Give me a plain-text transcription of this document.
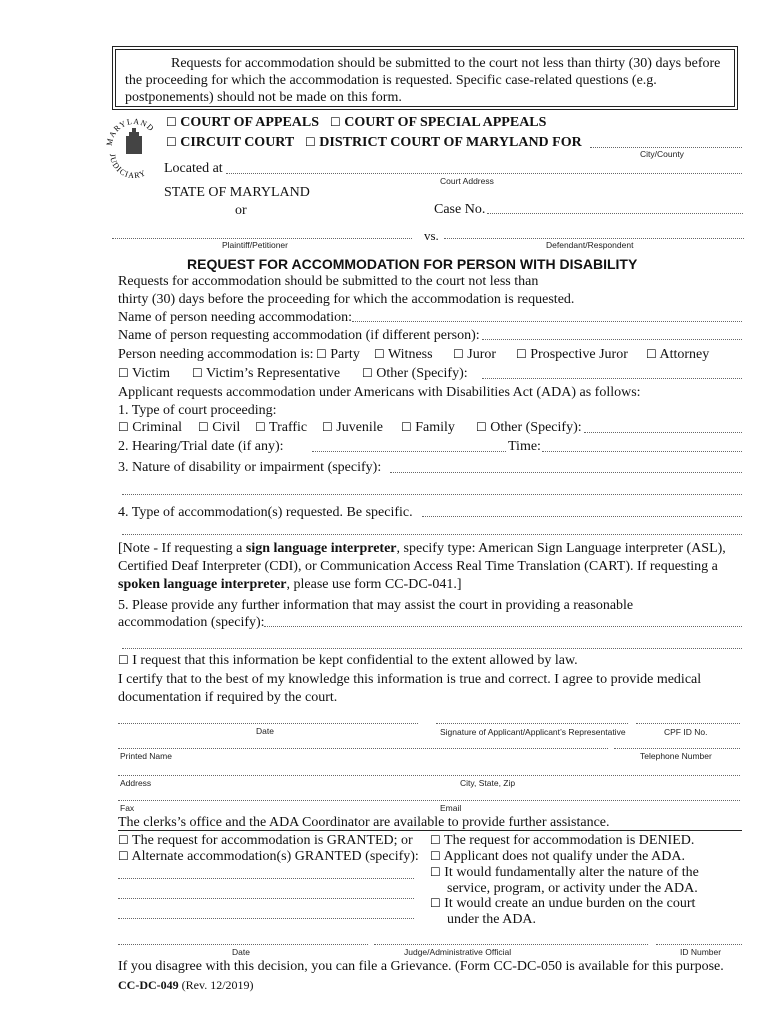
Requests for accommodation should be submitted to the court not less than thirty (30) days before the proceeding for which the accommodation is requested. Specific case-related questions (e.g. postponements) should not be made on this form.
MARYLAND
JUDICIARY
☐ COURT OF APPEALS ☐ COURT OF SPECIAL APPEALS
☐ CIRCUIT COURT ☐ DISTRICT COURT OF MARYLAND FOR
City/County
Located at
Court Address
STATE OF MARYLAND
or	Case No.
vs.
Plaintiff/Petitioner	Defendant/Respondent
REQUEST FOR ACCOMMODATION FOR PERSON WITH DISABILITY
Requests for accommodation should be submitted to the court not less than
thirty (30) days before the proceeding for which the accommodation is requested.
Name of person needing accommodation:
Name of person requesting accommodation (if different person):
Person needing accommodation is: ☐ Party ☐ Witness ☐ Juror ☐ Prospective Juror ☐ Attorney
☐ Victim ☐ Victim’s Representative ☐ Other (Specify):
Applicant requests accommodation under Americans with Disabilities Act (ADA) as follows:
1. Type of court proceeding:
☐ Criminal ☐ Civil ☐ Traffic ☐ Juvenile ☐ Family ☐ Other (Specify):
2. Hearing/Trial date (if any):	Time:
3. Nature of disability or impairment (specify):
4. Type of accommodation(s) requested. Be specific.
[Note - If requesting a sign language interpreter, specify type: American Sign Language interpreter (ASL),
Certified Deaf Interpreter (CDI), or Communication Access Real Time Translation (CART). If requesting a
spoken language interpreter, please use form CC-DC-041.]
5. Please provide any further information that may assist the court in providing a reasonable
accommodation (specify):
☐ I request that this information be kept confidential to the extent allowed by law.
I certify that to the best of my knowledge this information is true and correct. I agree to provide medical
documentation if required by the court.
Date	Signature of Applicant/Applicant’s Representative	CPF ID No.
Printed Name	Telephone Number
Address	City, State, Zip
Fax	Email
The clerks’s office and the ADA Coordinator are available to provide further assistance.
☐ The request for accommodation is GRANTED; or
☐ Alternate accommodation(s) GRANTED (specify):
☐ The request for accommodation is DENIED.
☐ Applicant does not qualify under the ADA.
☐ It would fundamentally alter the nature of the
service, program, or activity under the ADA.
☐ It would create an undue burden on the court
under the ADA.
Date	Judge/Administrative Official	ID Number
If you disagree with this decision, you can file a Grievance. (Form CC-DC-050 is available for this purpose.
CC-DC-049 (Rev. 12/2019)
